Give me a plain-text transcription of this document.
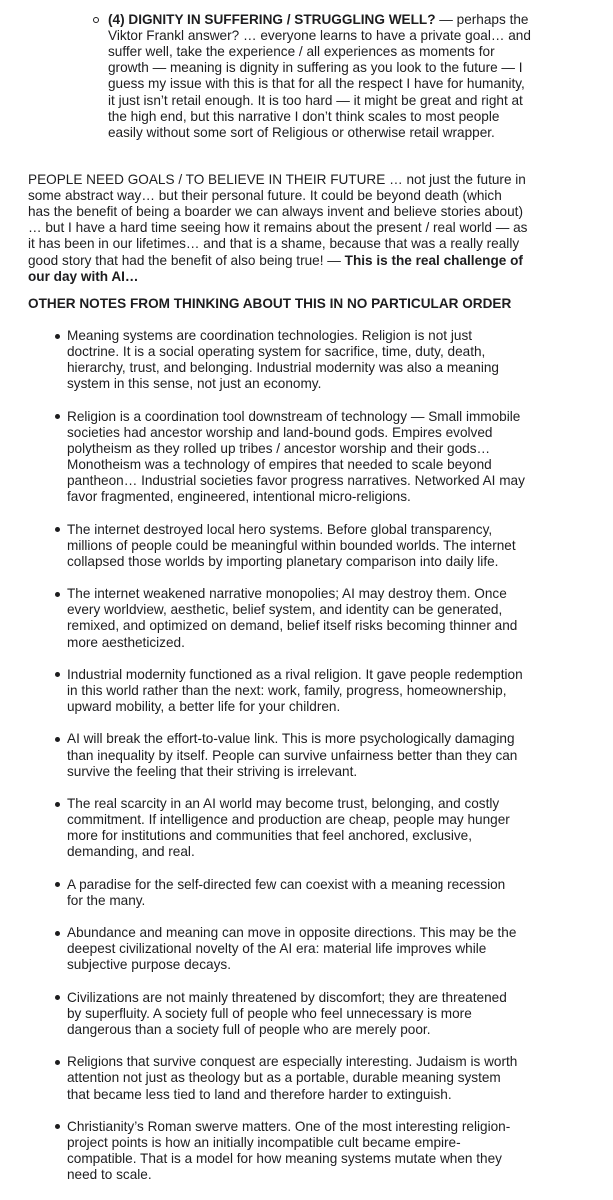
(4) DIGNITY IN SUFFERING / STRUGGLING WELL? — perhaps the
Viktor Frankl answer? … everyone learns to have a private goal… and
suffer well, take the experience / all experiences as moments for
growth — meaning is dignity in suffering as you look to the future — I
guess my issue with this is that for all the respect I have for humanity,
it just isn’t retail enough. It is too hard — it might be great and right at
the high end, but this narrative I don’t think scales to most people
easily without some sort of Religious or otherwise retail wrapper.
PEOPLE NEED GOALS / TO BELIEVE IN THEIR FUTURE … not just the future in
some abstract way… but their personal future. It could be beyond death (which
has the benefit of being a boarder we can always invent and believe stories about)
… but I have a hard time seeing how it remains about the present / real world — as
it has been in our lifetimes… and that is a shame, because that was a really really
good story that had the benefit of also being true! — This is the real challenge of
our day with AI…
OTHER NOTES FROM THINKING ABOUT THIS IN NO PARTICULAR ORDER
Meaning systems are coordination technologies. Religion is not just
doctrine. It is a social operating system for sacrifice, time, duty, death,
hierarchy, trust, and belonging. Industrial modernity was also a meaning
system in this sense, not just an economy.
Religion is a coordination tool downstream of technology — Small immobile
societies had ancestor worship and land-bound gods. Empires evolved
polytheism as they rolled up tribes / ancestor worship and their gods…
Monotheism was a technology of empires that needed to scale beyond
pantheon… Industrial societies favor progress narratives. Networked AI may
favor fragmented, engineered, intentional micro-religions.
The internet destroyed local hero systems. Before global transparency,
millions of people could be meaningful within bounded worlds. The internet
collapsed those worlds by importing planetary comparison into daily life.
The internet weakened narrative monopolies; AI may destroy them. Once
every worldview, aesthetic, belief system, and identity can be generated,
remixed, and optimized on demand, belief itself risks becoming thinner and
more aestheticized.
Industrial modernity functioned as a rival religion. It gave people redemption
in this world rather than the next: work, family, progress, homeownership,
upward mobility, a better life for your children.
AI will break the effort-to-value link. This is more psychologically damaging
than inequality by itself. People can survive unfairness better than they can
survive the feeling that their striving is irrelevant.
The real scarcity in an AI world may become trust, belonging, and costly
commitment. If intelligence and production are cheap, people may hunger
more for institutions and communities that feel anchored, exclusive,
demanding, and real.
A paradise for the self-directed few can coexist with a meaning recession
for the many.
Abundance and meaning can move in opposite directions. This may be the
deepest civilizational novelty of the AI era: material life improves while
subjective purpose decays.
Civilizations are not mainly threatened by discomfort; they are threatened
by superfluity. A society full of people who feel unnecessary is more
dangerous than a society full of people who are merely poor.
Religions that survive conquest are especially interesting. Judaism is worth
attention not just as theology but as a portable, durable meaning system
that became less tied to land and therefore harder to extinguish.
Christianity’s Roman swerve matters. One of the most interesting religion-
project points is how an initially incompatible cult became empire-
compatible. That is a model for how meaning systems mutate when they
need to scale.
